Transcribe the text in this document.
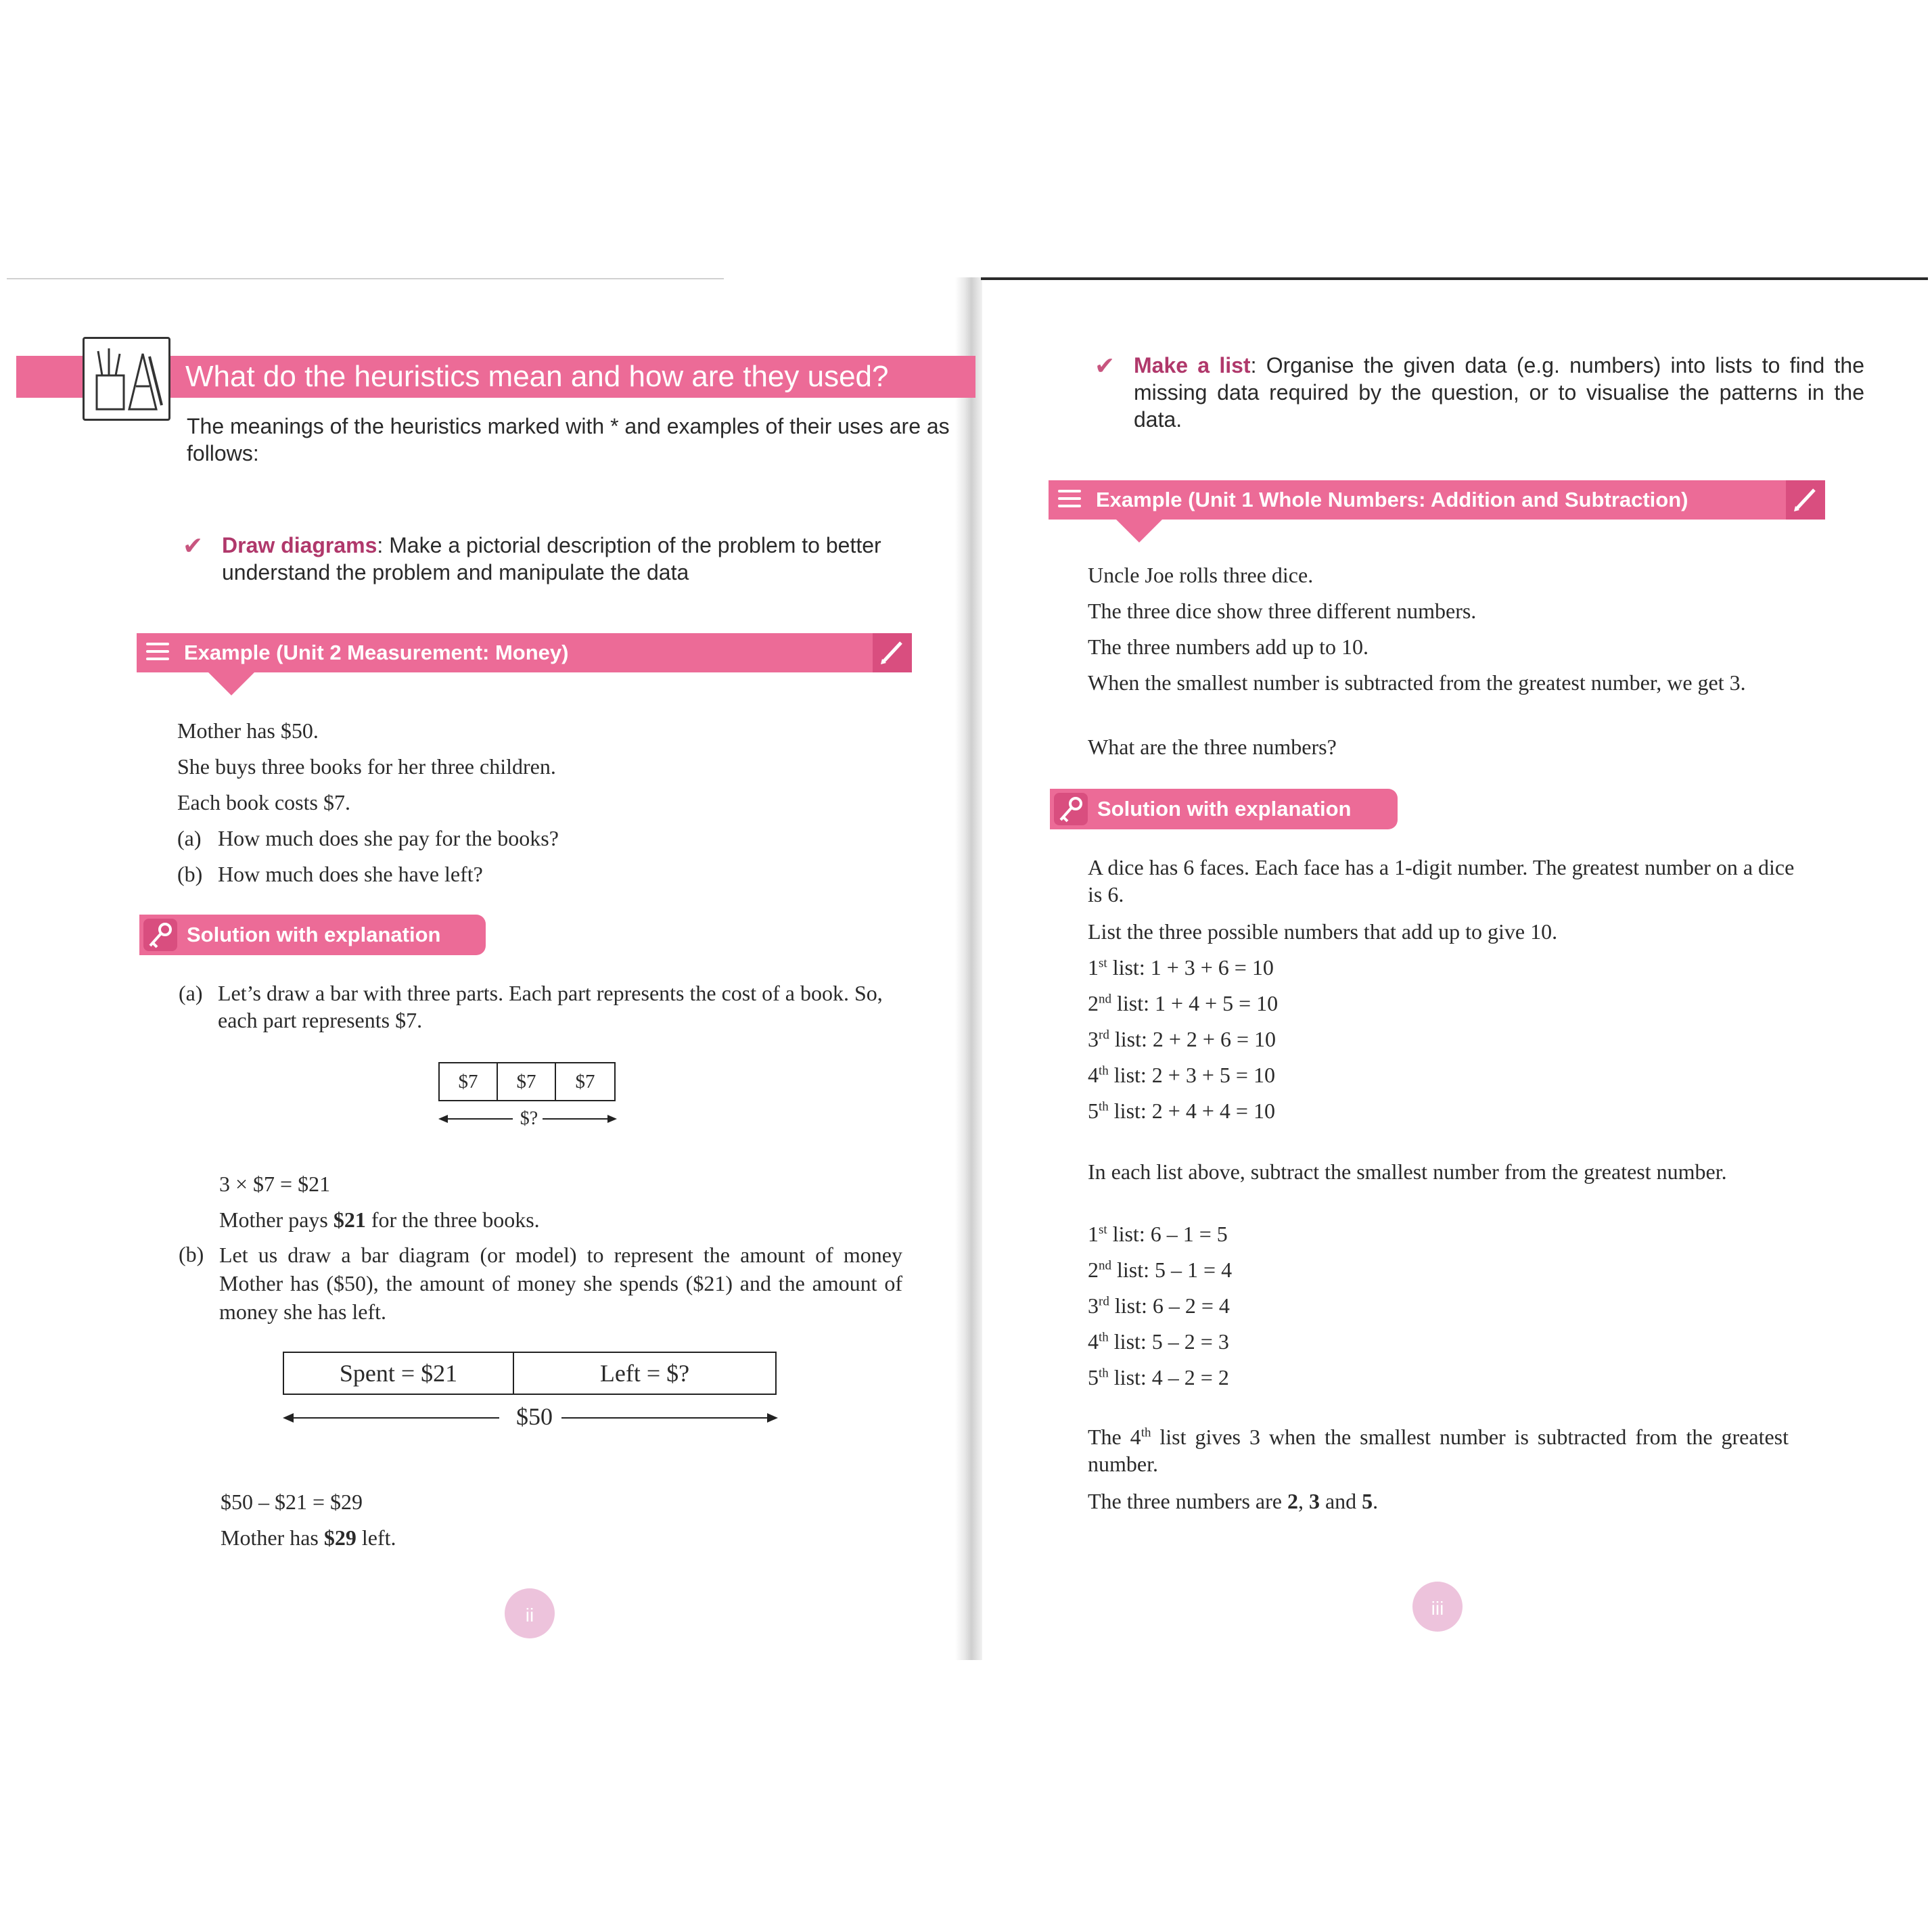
What do the heuristics mean and how are they used?
The meanings of the heuristics marked with * and examples of their uses are as follows:
✔ Draw diagrams: Make a pictorial description of the problem to better understand the problem and manipulate the data
Example (Unit 2 Measurement: Money)
Mother has $50.
She buys three books for her three children.
Each book costs $7.
(a) How much does she pay for the books?
(b) How much does she have left?
Solution with explanation
(a) Let’s draw a bar with three parts. Each part represents the cost of a book. So, each part represents $7.
$7	$7	$7
$?
3 × $7 = $21
Mother pays $21 for the three books.
(b) Let us draw a bar diagram (or model) to represent the amount of money Mother has ($50), the amount of money she spends ($21) and the amount of money she has left.
Spent = $21	Left = $?
$50
$50 – $21 = $29
Mother has $29 left.
ii
✔ Make a list: Organise the given data (e.g. numbers) into lists to find the missing data required by the question, or to visualise the patterns in the data.
Example (Unit 1 Whole Numbers: Addition and Subtraction)
Uncle Joe rolls three dice.
The three dice show three different numbers.
The three numbers add up to 10.
When the smallest number is subtracted from the greatest number, we get 3.
What are the three numbers?
Solution with explanation
A dice has 6 faces. Each face has a 1-digit number. The greatest number on a dice is 6.
List the three possible numbers that add up to give 10.
1st list: 1 + 3 + 6 = 10
2nd list: 1 + 4 + 5 = 10
3rd list: 2 + 2 + 6 = 10
4th list: 2 + 3 + 5 = 10
5th list: 2 + 4 + 4 = 10
In each list above, subtract the smallest number from the greatest number.
1st list: 6 – 1 = 5
2nd list: 5 – 1 = 4
3rd list: 6 – 2 = 4
4th list: 5 – 2 = 3
5th list: 4 – 2 = 2
The 4th list gives 3 when the smallest number is subtracted from the greatest number.
The three numbers are 2, 3 and 5.
iii
